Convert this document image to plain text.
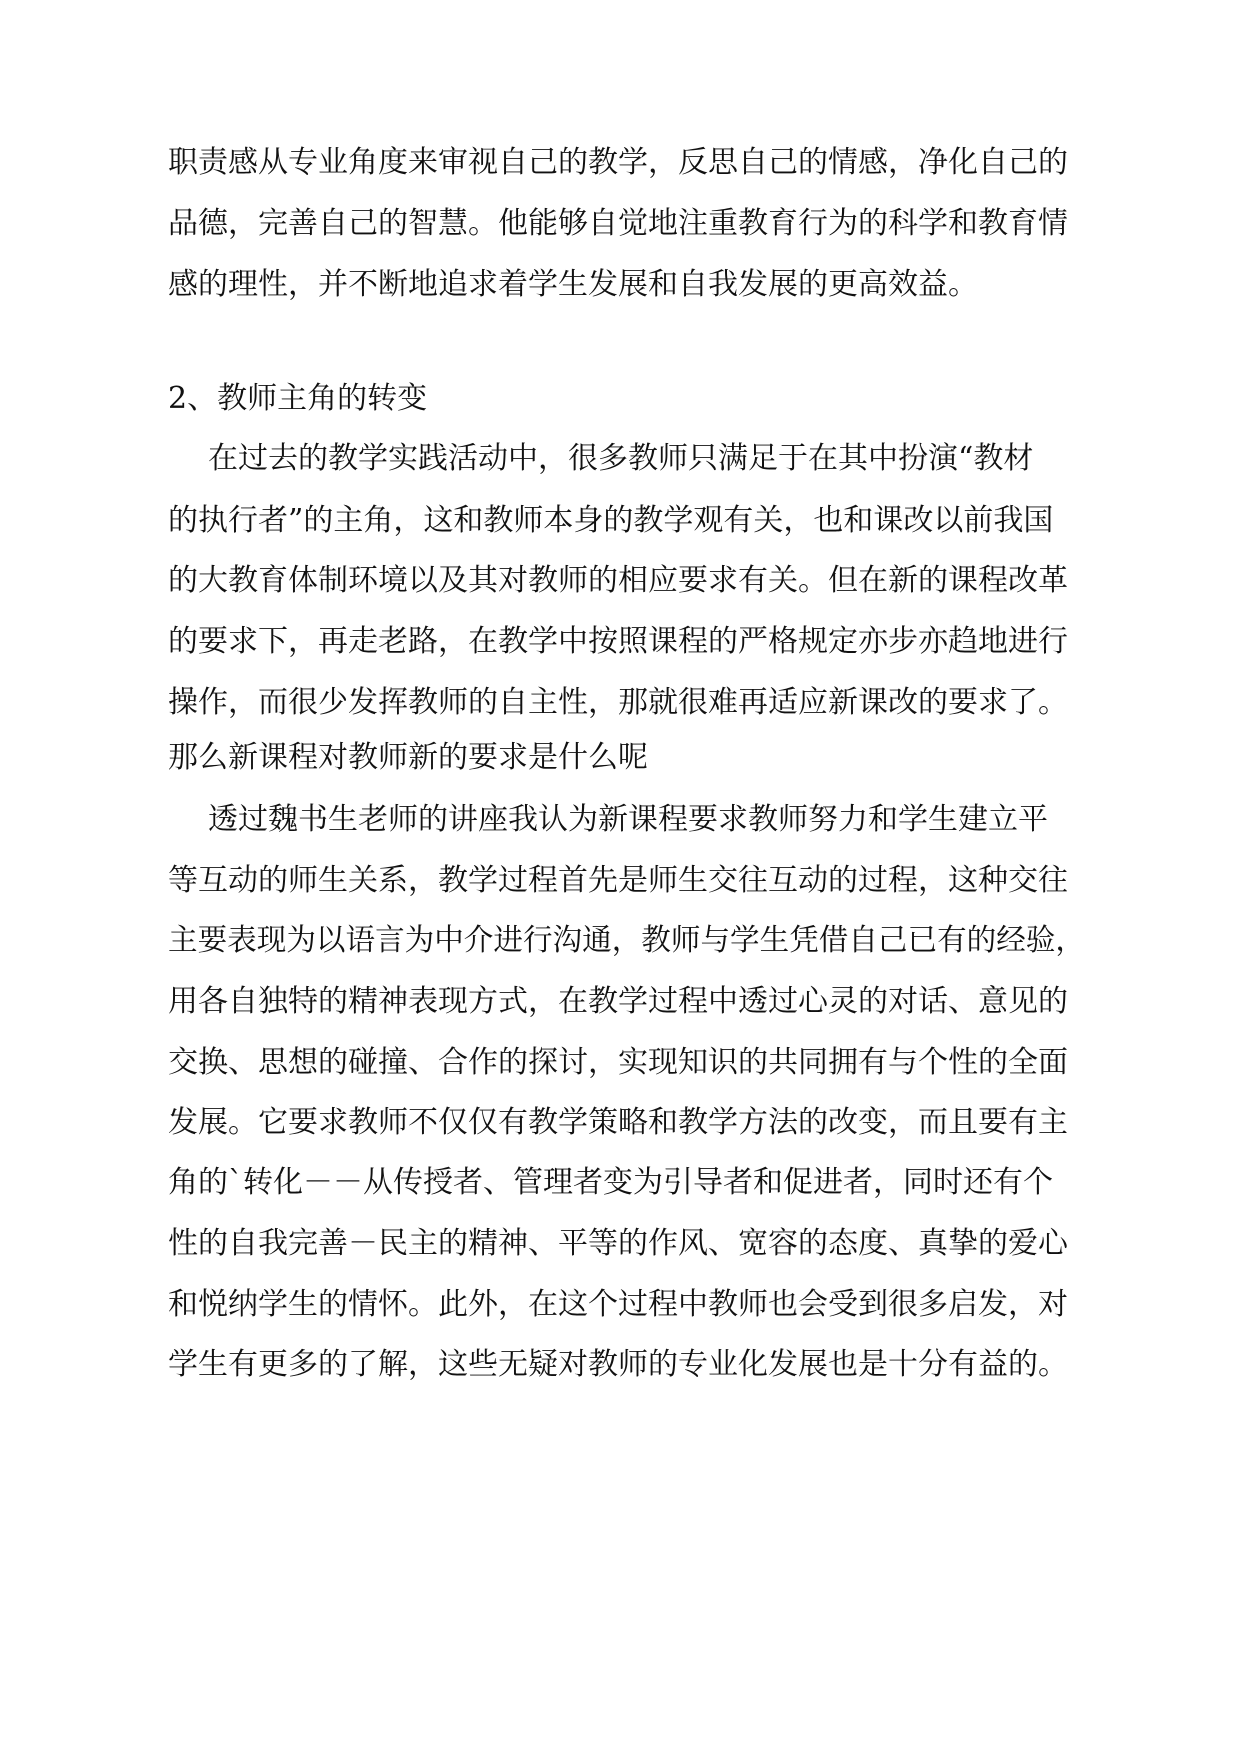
职责感从专业角度来审视自己的教学，反思自己的情感，净化自己的
品德，完善自己的智慧。他能够自觉地注重教育行为的科学和教育情
感的理性，并不断地追求着学生发展和自我发展的更高效益。
2、教师主角的转变
在过去的教学实践活动中，很多教师只满足于在其中扮演“教材
的执行者”的主角，这和教师本身的教学观有关，也和课改以前我国
的大教育体制环境以及其对教师的相应要求有关。但在新的课程改革
的要求下，再走老路，在教学中按照课程的严格规定亦步亦趋地进行
操作，而很少发挥教师的自主性，那就很难再适应新课改的要求了。
那么新课程对教师新的要求是什么呢
透过魏书生老师的讲座我认为新课程要求教师努力和学生建立平
等互动的师生关系，教学过程首先是师生交往互动的过程，这种交往
主要表现为以语言为中介进行沟通，教师与学生凭借自己已有的经验，
用各自独特的精神表现方式，在教学过程中透过心灵的对话、意见的
交换、思想的碰撞、合作的探讨，实现知识的共同拥有与个性的全面
发展。它要求教师不仅仅有教学策略和教学方法的改变，而且要有主
角的`转化－－从传授者、管理者变为引导者和促进者，同时还有个
性的自我完善－民主的精神、平等的作风、宽容的态度、真挚的爱心
和悦纳学生的情怀。此外，在这个过程中教师也会受到很多启发，对
学生有更多的了解，这些无疑对教师的专业化发展也是十分有益的。
